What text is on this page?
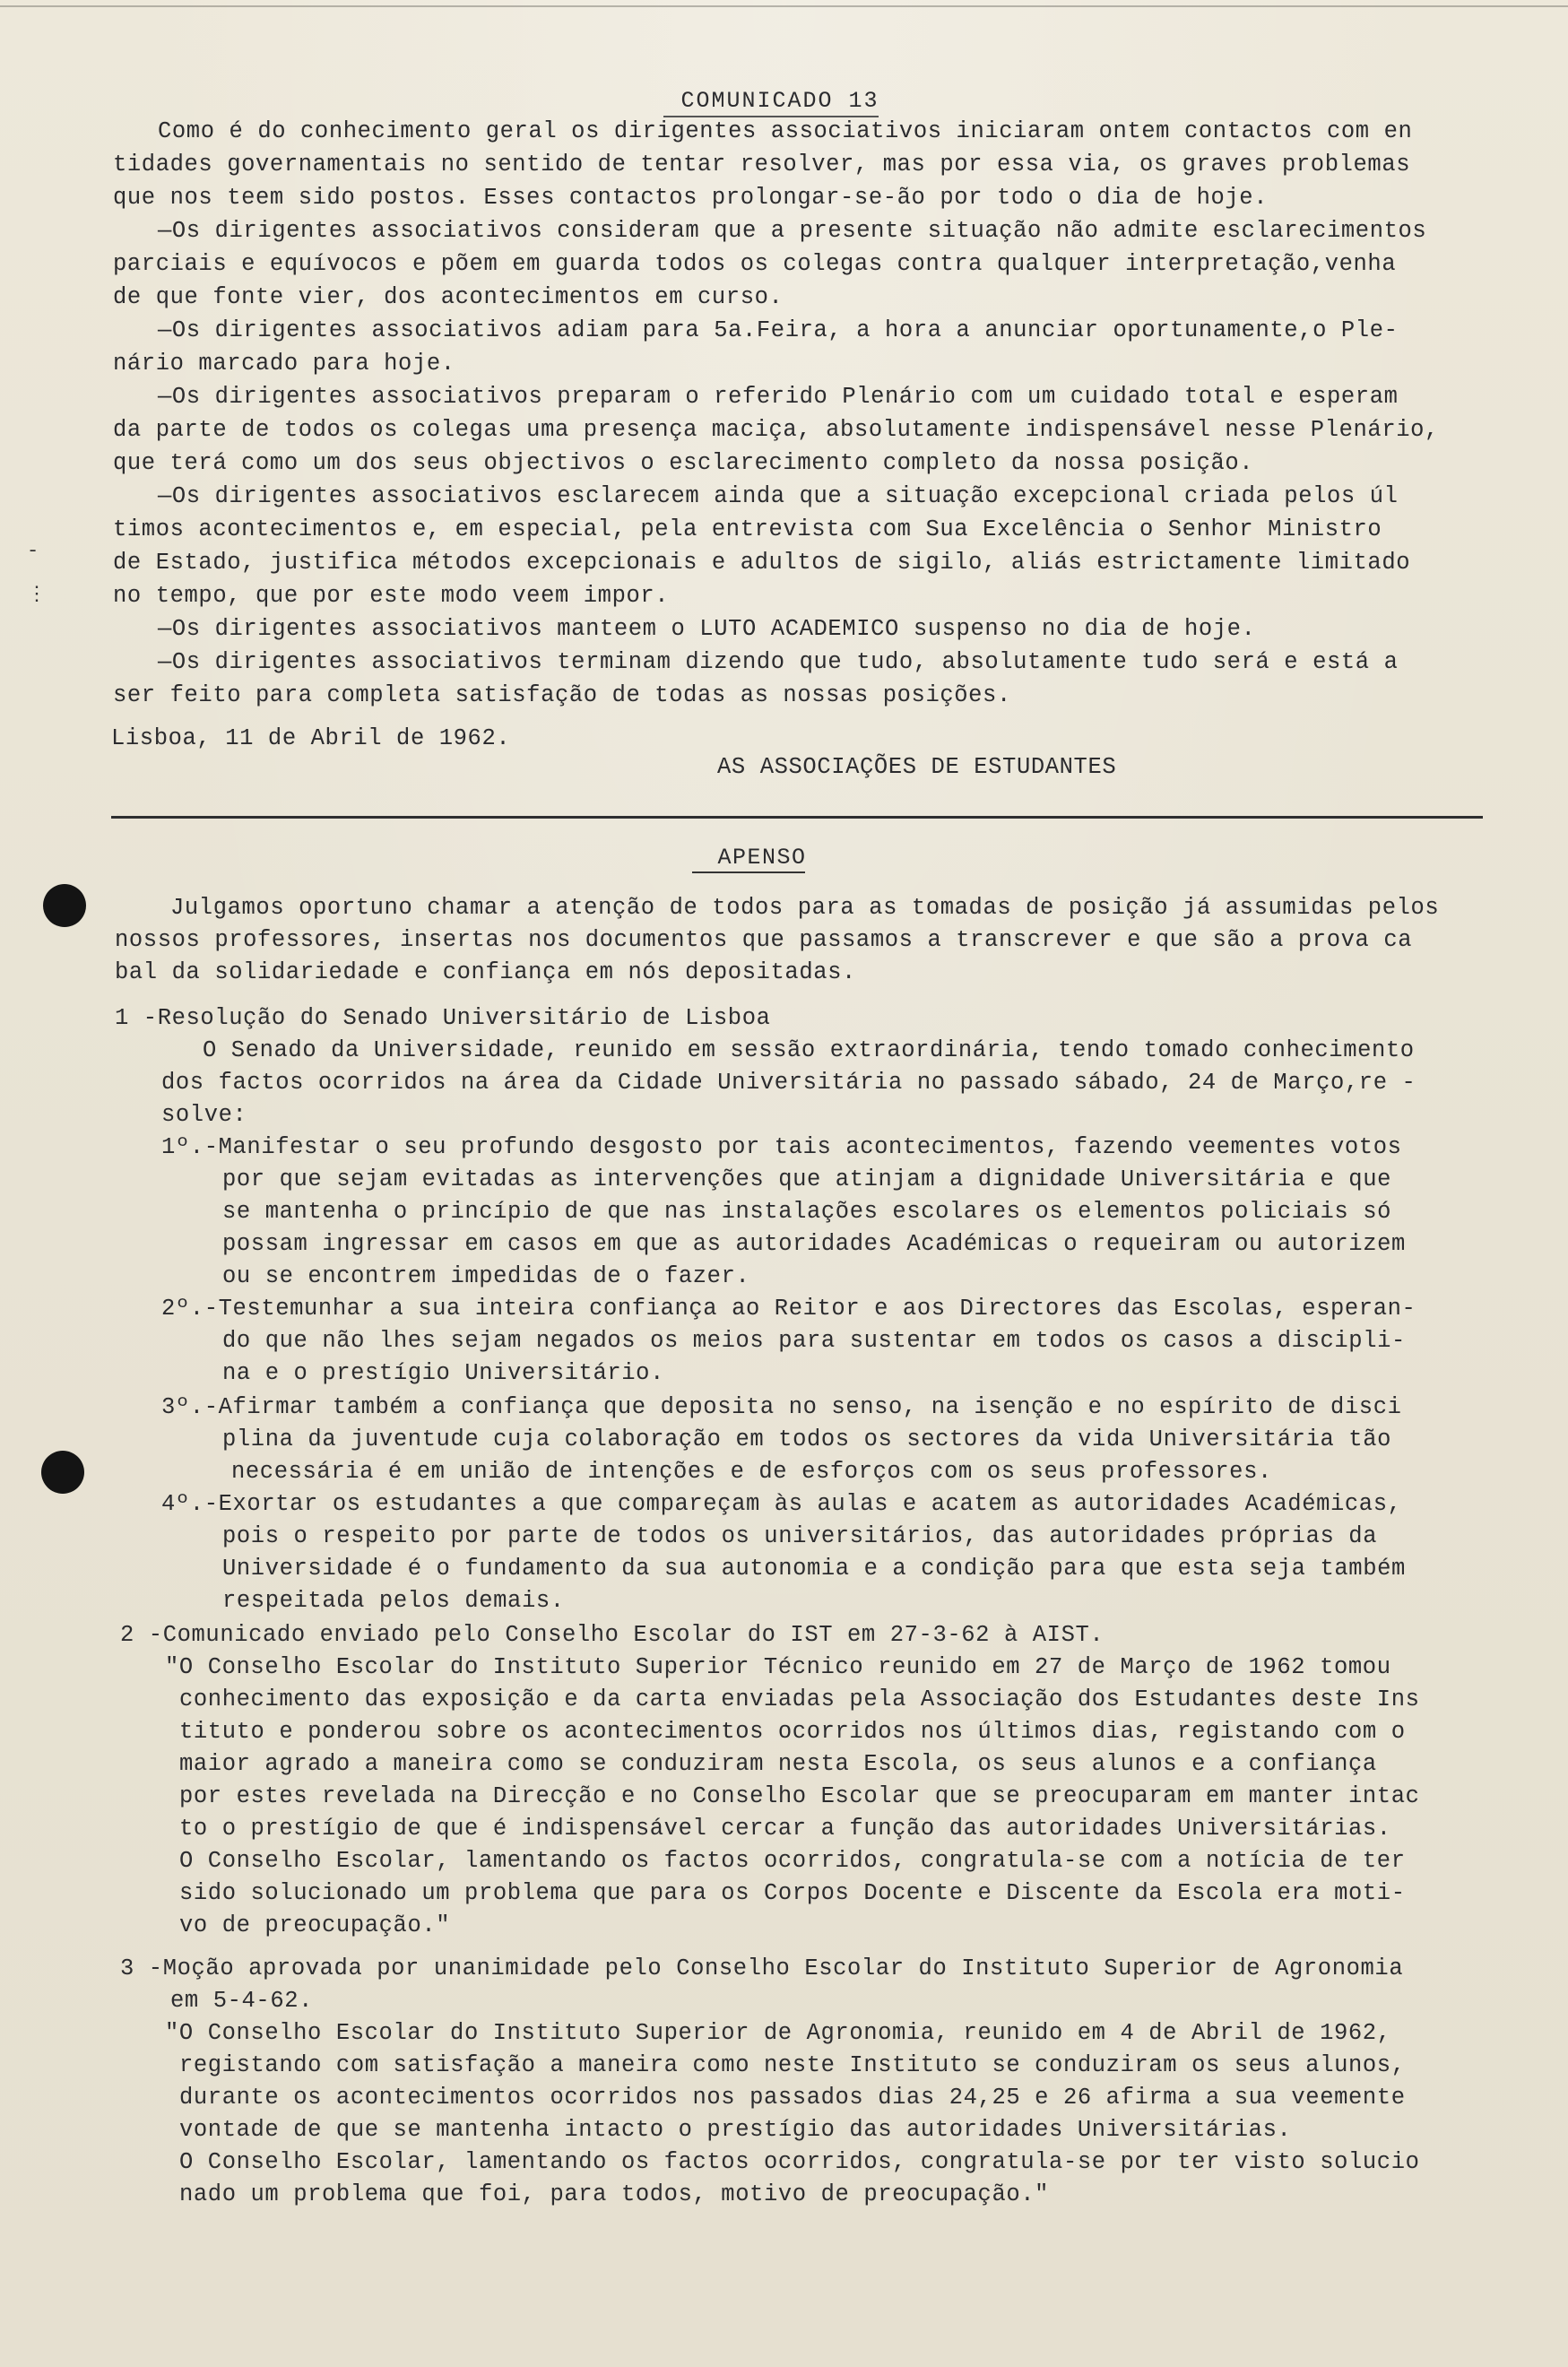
-
⋮
COMUNICADO 13
Como é do conhecimento geral os dirigentes associativos iniciaram ontem contactos com en
tidades governamentais no sentido de tentar resolver, mas por essa via, os graves problemas
que nos teem sido postos. Esses contactos prolongar-se-ão por todo o dia de hoje.
—Os dirigentes associativos consideram que a presente situação não admite esclarecimentos
parciais e equívocos e põem em guarda todos os colegas contra qualquer interpretação,venha
de que fonte vier, dos acontecimentos em curso.
—Os dirigentes associativos adiam para 5a.Feira, a hora a anunciar oportunamente,o Ple-
nário marcado para hoje.
—Os dirigentes associativos preparam o referido Plenário com um cuidado total e esperam
da parte de todos os colegas uma presença maciça, absolutamente indispensável nesse Plenário,
que terá como um dos seus objectivos o esclarecimento completo da nossa posição.
—Os dirigentes associativos esclarecem ainda que a situação excepcional criada pelos úl
timos acontecimentos e, em especial, pela entrevista com Sua Excelência o Senhor Ministro
de Estado, justifica métodos excepcionais e adultos de sigilo, aliás estrictamente limitado
no tempo, que por este modo veem impor.
—Os dirigentes associativos manteem o LUTO ACADEMICO suspenso no dia de hoje.
—Os dirigentes associativos terminam dizendo que tudo, absolutamente tudo será e está a
ser feito para completa satisfação de todas as nossas posições.
Lisboa, 11 de Abril de 1962.
AS ASSOCIAÇÕES DE ESTUDANTES
APENSO
Julgamos oportuno chamar a atenção de todos para as tomadas de posição já assumidas pelos
nossos professores, insertas nos documentos que passamos a transcrever e que são a prova ca
bal da solidariedade e confiança em nós depositadas.
1 -Resolução do Senado Universitário de Lisboa
O Senado da Universidade, reunido em sessão extraordinária, tendo tomado conhecimento
dos factos ocorridos na área da Cidade Universitária no passado sábado, 24 de Março,re -
solve:
1º.-Manifestar o seu profundo desgosto por tais acontecimentos, fazendo veementes votos
por que sejam evitadas as intervenções que atinjam a dignidade Universitária e que
se mantenha o princípio de que nas instalações escolares os elementos policiais só
possam ingressar em casos em que as autoridades Académicas o requeiram ou autorizem
ou se encontrem impedidas de o fazer.
2º.-Testemunhar a sua inteira confiança ao Reitor e aos Directores das Escolas, esperan-
do que não lhes sejam negados os meios para sustentar em todos os casos a discipli-
na e o prestígio Universitário.
3º.-Afirmar também a confiança que deposita no senso, na isenção e no espírito de disci
plina da juventude cuja colaboração em todos os sectores da vida Universitária tão
necessária é em união de intenções e de esforços com os seus professores.
4º.-Exortar os estudantes a que compareçam às aulas e acatem as autoridades Académicas,
pois o respeito por parte de todos os universitários, das autoridades próprias da
Universidade é o fundamento da sua autonomia e a condição para que esta seja também
respeitada pelos demais.
2 -Comunicado enviado pelo Conselho Escolar do IST em 27-3-62 à AIST.
"O Conselho Escolar do Instituto Superior Técnico reunido em 27 de Março de 1962 tomou
conhecimento das exposição e da carta enviadas pela Associação dos Estudantes deste Ins
tituto e ponderou sobre os acontecimentos ocorridos nos últimos dias, registando com o
maior agrado a maneira como se conduziram nesta Escola, os seus alunos e a confiança
por estes revelada na Direcção e no Conselho Escolar que se preocuparam em manter intac
to o prestígio de que é indispensável cercar a função das autoridades Universitárias.
O Conselho Escolar, lamentando os factos ocorridos, congratula-se com a notícia de ter
sido solucionado um problema que para os Corpos Docente e Discente da Escola era moti-
vo de preocupação."
3 -Moção aprovada por unanimidade pelo Conselho Escolar do Instituto Superior de Agronomia
em 5-4-62.
"O Conselho Escolar do Instituto Superior de Agronomia, reunido em 4 de Abril de 1962,
registando com satisfação a maneira como neste Instituto se conduziram os seus alunos,
durante os acontecimentos ocorridos nos passados dias 24,25 e 26 afirma a sua veemente
vontade de que se mantenha intacto o prestígio das autoridades Universitárias.
O Conselho Escolar, lamentando os factos ocorridos, congratula-se por ter visto solucio
nado um problema que foi, para todos, motivo de preocupação."
